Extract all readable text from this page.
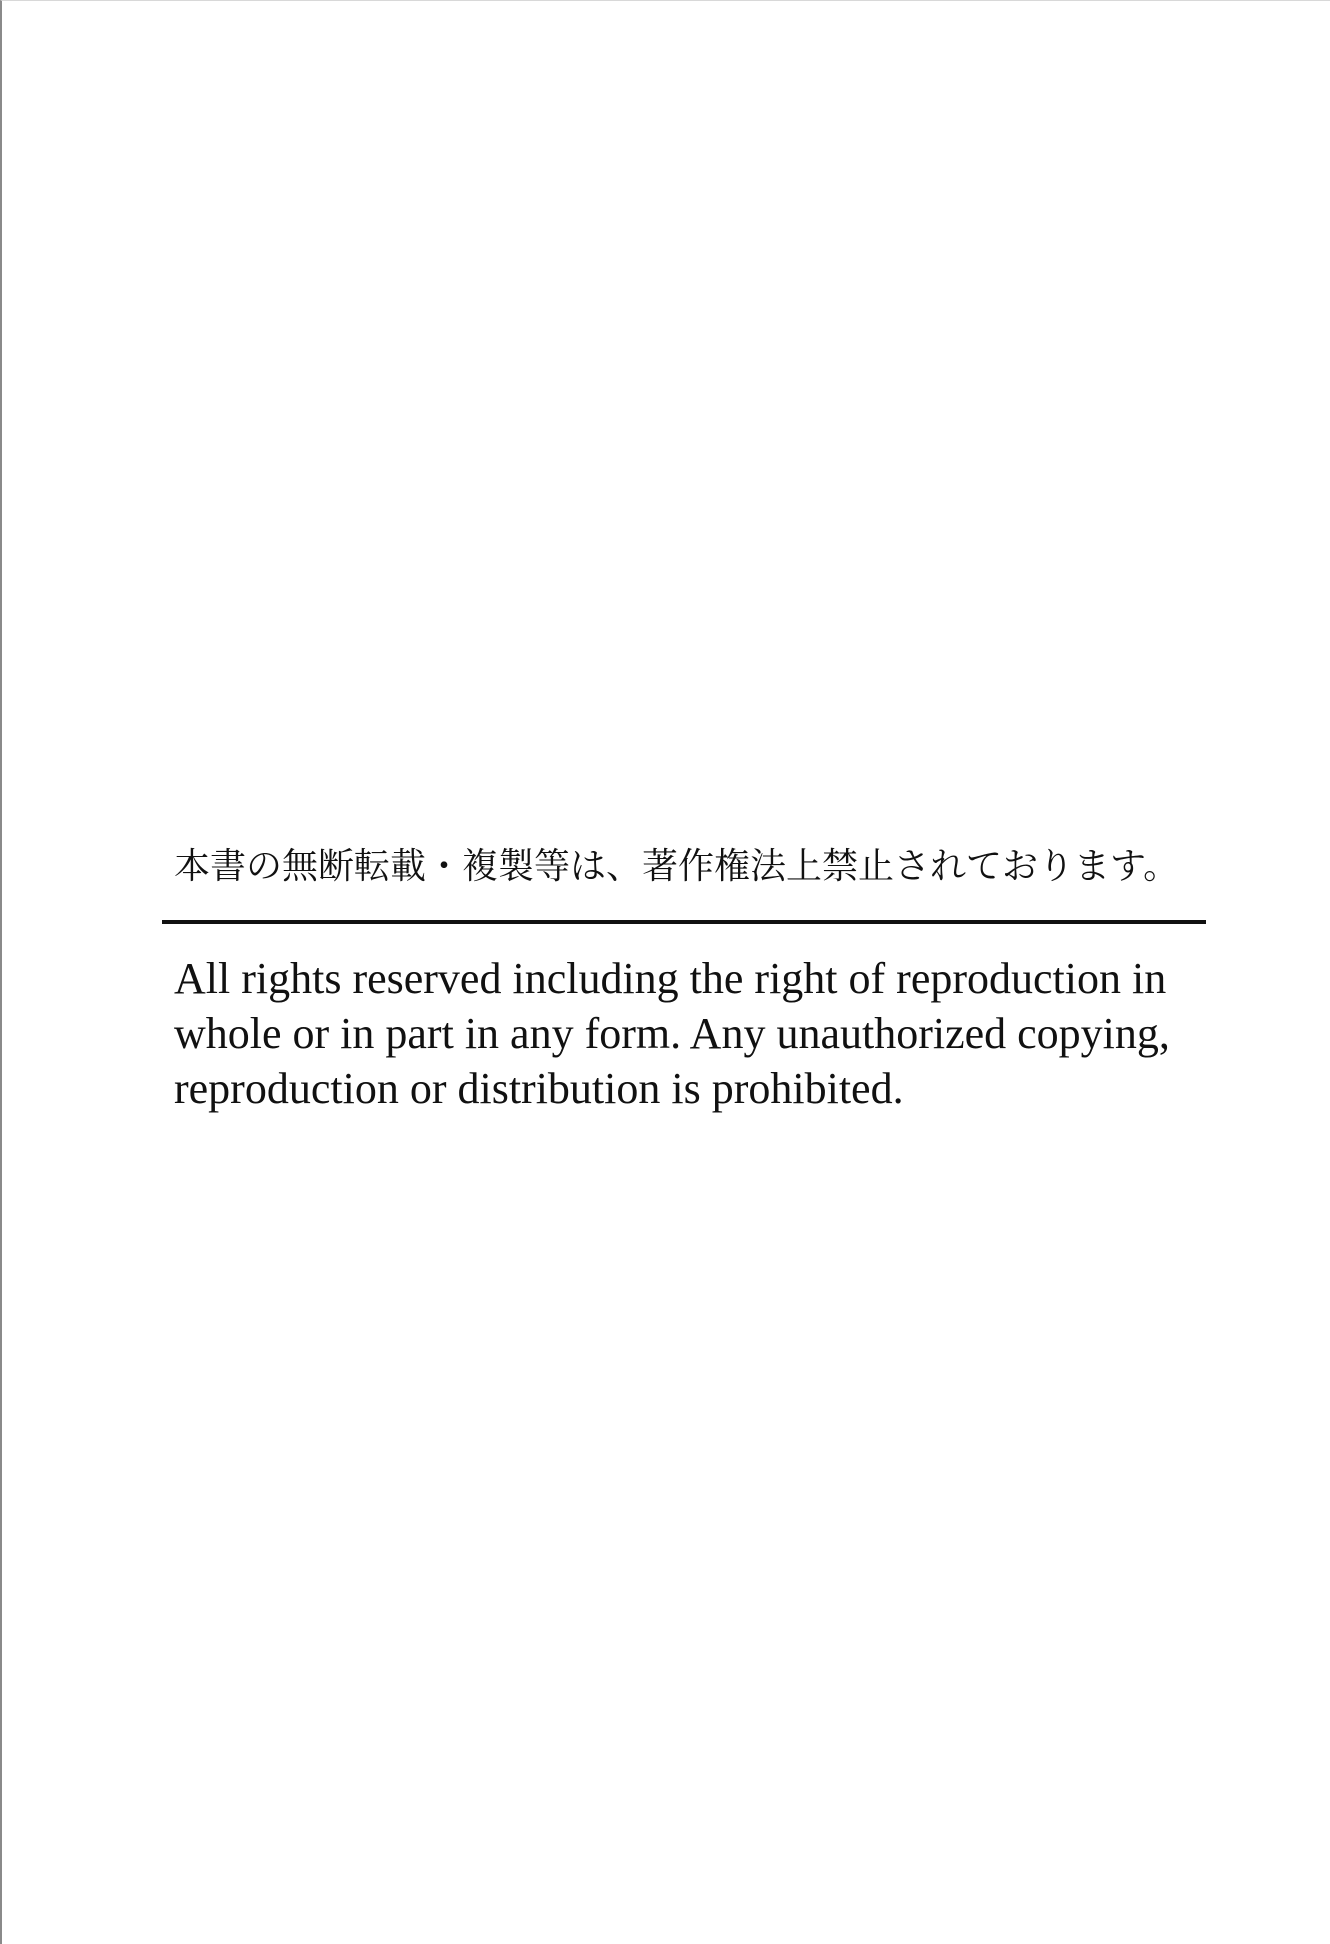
本書の無断転載・複製等は、著作権法上禁止されております。
All rights reserved including the right of reproduction in
whole or in part in any form. Any unauthorized copying,
reproduction or distribution is prohibited.
